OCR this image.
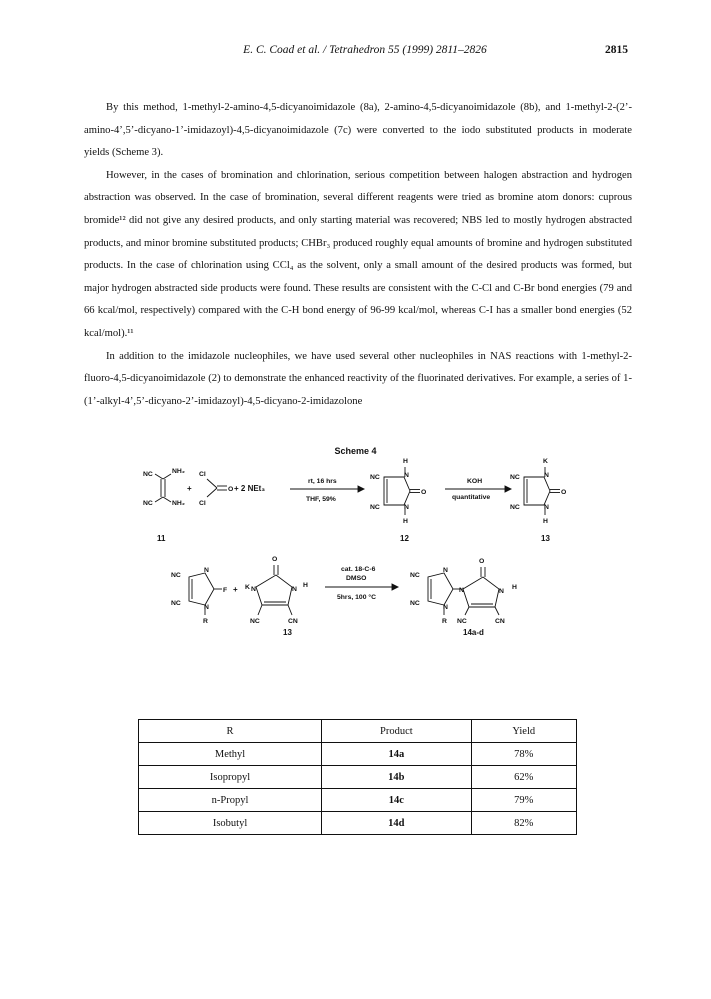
E. C. Coad et al. / Tetrahedron 55 (1999) 2811–2826	2815

By this method, 1-methyl-2-amino-4,5-dicyanoimidazole (8a), 2-amino-4,5-dicyanoimidazole (8b), and 1-methyl-2-(2’-amino-4’,5’-dicyano-1’-imidazoyl)-4,5-dicyanoimidazole (7c) were converted to the iodo substituted products in moderate yields (Scheme 3).

However, in the cases of bromination and chlorination, serious competition between halogen abstraction and hydrogen abstraction was observed. In the case of bromination, several different reagents were tried as bromine atom donors: cuprous bromide¹² did not give any desired products, and only starting material was recovered; NBS led to mostly hydrogen abstracted products, and minor bromine substituted products; CHBr₃ produced roughly equal amounts of bromine and hydrogen substituted products. In the case of chlorination using CCl₄ as the solvent, only a small amount of the desired products was formed, but major hydrogen abstracted side products were found. These results are consistent with the C-Cl and C-Br bond energies (79 and 66 kcal/mol, respectively) compared with the C-H bond energy of 96-99 kcal/mol, whereas C-I has a smaller bond energies (52 kcal/mol).¹¹

In addition to the imidazole nucleophiles, we have used several other nucleophiles in NAS reactions with 1-methyl-2-fluoro-4,5-dicyanoimidazole (2) to demonstrate the enhanced reactivity of the fluorinated derivatives. For example, a series of 1-(1’-alkyl-4’,5’-dicyano-2’-imidazoyl)-4,5-dicyano-2-imidazolone

Scheme 4
NC	NH₂
NC	NH₂
+
Cl
Cl
O + 2 NEt₃
rt, 16 hrs
THF, 59%
NC
NC
N
N
H
H
O
KOH
quantitative
NC
NC
N
N
K
H
O
11	12	13
NC
NC
N
N
F
R
+
O
K N	N
H
NC	CN
cat. 18-C-6
DMSO
5hrs, 100 °C
NC
NC
N
N
R
O
N	N
H
NC	CN
13	14a-d
R	Product	Yield
Methyl	14a	78%
Isopropyl	14b	62%
n-Propyl	14c	79%
Isobutyl	14d	82%
